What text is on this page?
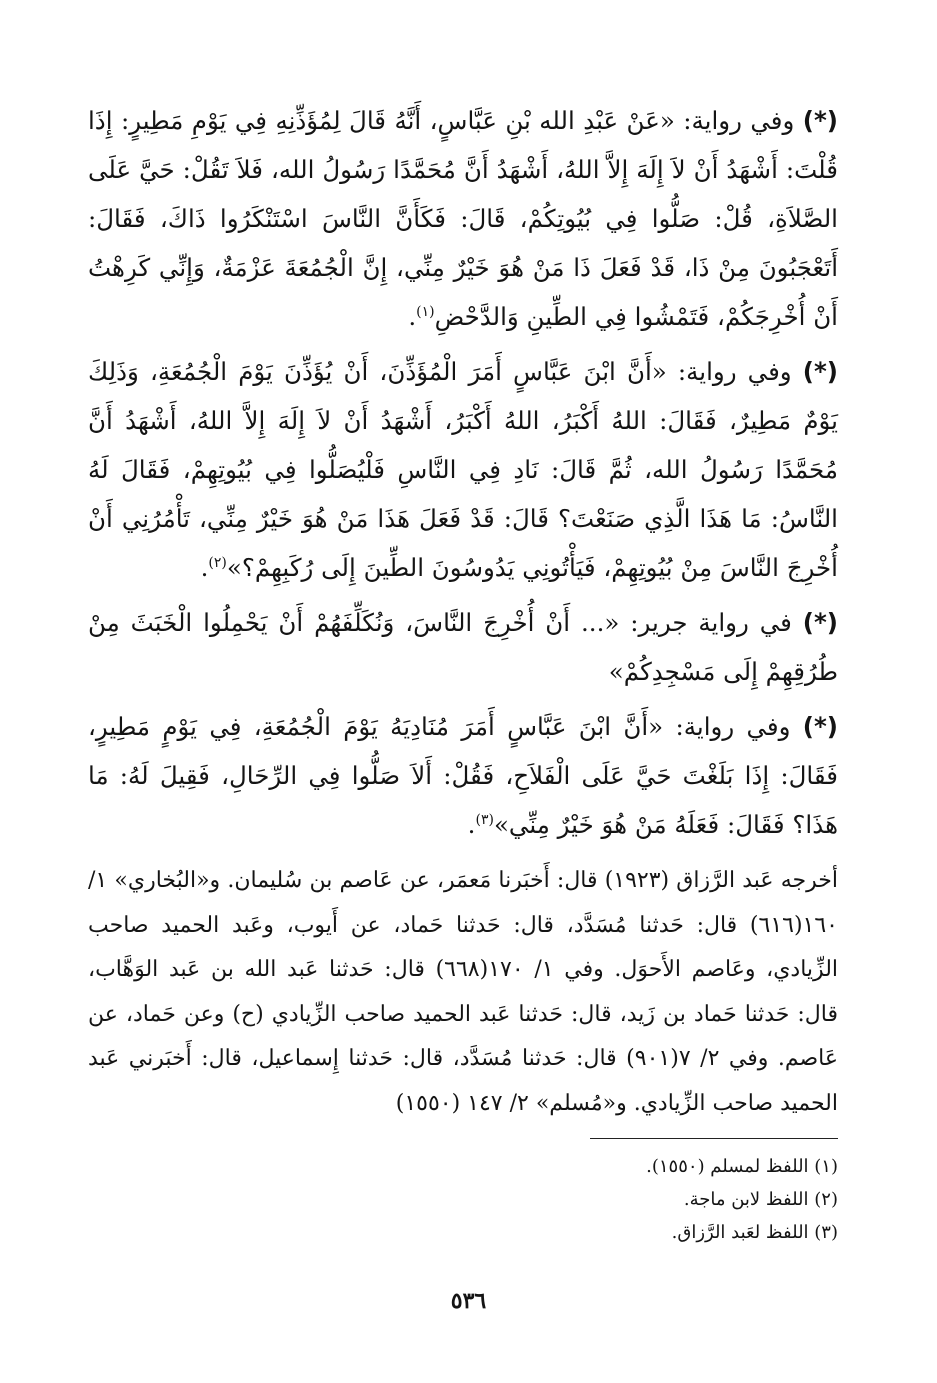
(*) وفي رواية: «عَنْ عَبْدِ الله بْنِ عَبَّاسٍ، أَنَّهُ قَالَ لِمُؤَذِّنِهِ فِي يَوْمِ مَطِيرٍ: إِذَا قُلْتَ: أَشْهَدُ أَنْ لاَ إِلَهَ إِلاَّ اللهُ، أَشْهَدُ أَنَّ مُحَمَّدًا رَسُولُ الله، فَلاَ تَقُلْ: حَيَّ عَلَى الصَّلاَةِ، قُلْ: صَلُّوا فِي بُيُوتِكُمْ، قَالَ: فَكَأَنَّ النَّاسَ اسْتَنْكَرُوا ذَاكَ، فَقَالَ: أَتَعْجَبُونَ مِنْ ذَا، قَدْ فَعَلَ ذَا مَنْ هُوَ خَيْرٌ مِنِّي، إِنَّ الْجُمُعَةَ عَزْمَةٌ، وَإِنِّي كَرِهْتُ أَنْ أُخْرِجَكُمْ، فَتَمْشُوا فِي الطِّينِ وَالدَّحْضِ$^{(١)}$.

(*) وفي رواية: «أَنَّ ابْنَ عَبَّاسٍ أَمَرَ الْمُؤَذِّنَ، أَنْ يُؤَذِّنَ يَوْمَ الْجُمُعَةِ، وَذَلِكَ يَوْمٌ مَطِيرٌ، فَقَالَ: اللهُ أَكْبَرُ، اللهُ أَكْبَرُ، أَشْهَدُ أَنْ لاَ إِلَهَ إِلاَّ اللهُ، أَشْهَدُ أَنَّ مُحَمَّدًا رَسُولُ الله، ثُمَّ قَالَ: نَادِ فِي النَّاسِ فَلْيُصَلُّوا فِي بُيُوتِهِمْ، فَقَالَ لَهُ النَّاسُ: مَا هَذَا الَّذِي صَنَعْتَ؟ قَالَ: قَدْ فَعَلَ هَذَا مَنْ هُوَ خَيْرٌ مِنِّي، تَأْمُرُنِي أَنْ أُخْرِجَ النَّاسَ مِنْ بُيُوتِهِمْ، فَيَأْتُونِي يَدُوسُونَ الطِّينَ إِلَى رُكَبِهِمْ؟»$^{(٢)}$.

(*) في رواية جرير: «... أَنْ أُخْرِجَ النَّاسَ، وَنُكَلِّفَهُمْ أَنْ يَحْمِلُوا الْخَبَثَ مِنْ طُرُقِهِمْ إِلَى مَسْجِدِكُمْ»

(*) وفي رواية: «أَنَّ ابْنَ عَبَّاسٍ أَمَرَ مُنَادِيَهُ يَوْمَ الْجُمُعَةِ، فِي يَوْمٍ مَطِيرٍ، فَقَالَ: إِذَا بَلَغْتَ حَيَّ عَلَى الْفَلاَحِ، فَقُلْ: أَلاَ صَلُّوا فِي الرِّحَالِ، فَقِيلَ لَهُ: مَا هَذَا؟ فَقَالَ: فَعَلَهُ مَنْ هُوَ خَيْرٌ مِنِّي»$^{(٣)}$.

أخرجه عَبد الرَّزاق (١٩٢٣) قال: أَخبَرنا مَعمَر، عن عَاصم بن سُليمان. و«البُخاري» ١/ ١٦٠(٦١٦) قال: حَدثنا مُسَدَّد، قال: حَدثنا حَماد، عن أَيوب، وعَبد الحميد صاحب الزِّيادي، وعَاصم الأَحوَل. وفي ١/ ١٧٠(٦٦٨) قال: حَدثنا عَبد الله بن عَبد الوَهَّاب، قال: حَدثنا حَماد بن زَيد، قال: حَدثنا عَبد الحميد صاحب الزِّيادي (ح) وعن حَماد، عن عَاصم. وفي ٢/ ٧(٩٠١) قال: حَدثنا مُسَدَّد، قال: حَدثنا إِسماعيل، قال: أَخبَرني عَبد الحميد صاحب الزِّيادي. و«مُسلم» ٢/ ١٤٧ (١٥٥٠)

(١) اللفظ لمسلم (١٥٥٠).
(٢) اللفظ لابن ماجة.
(٣) اللفظ لعَبد الرَّزاق.
٥٣٦
